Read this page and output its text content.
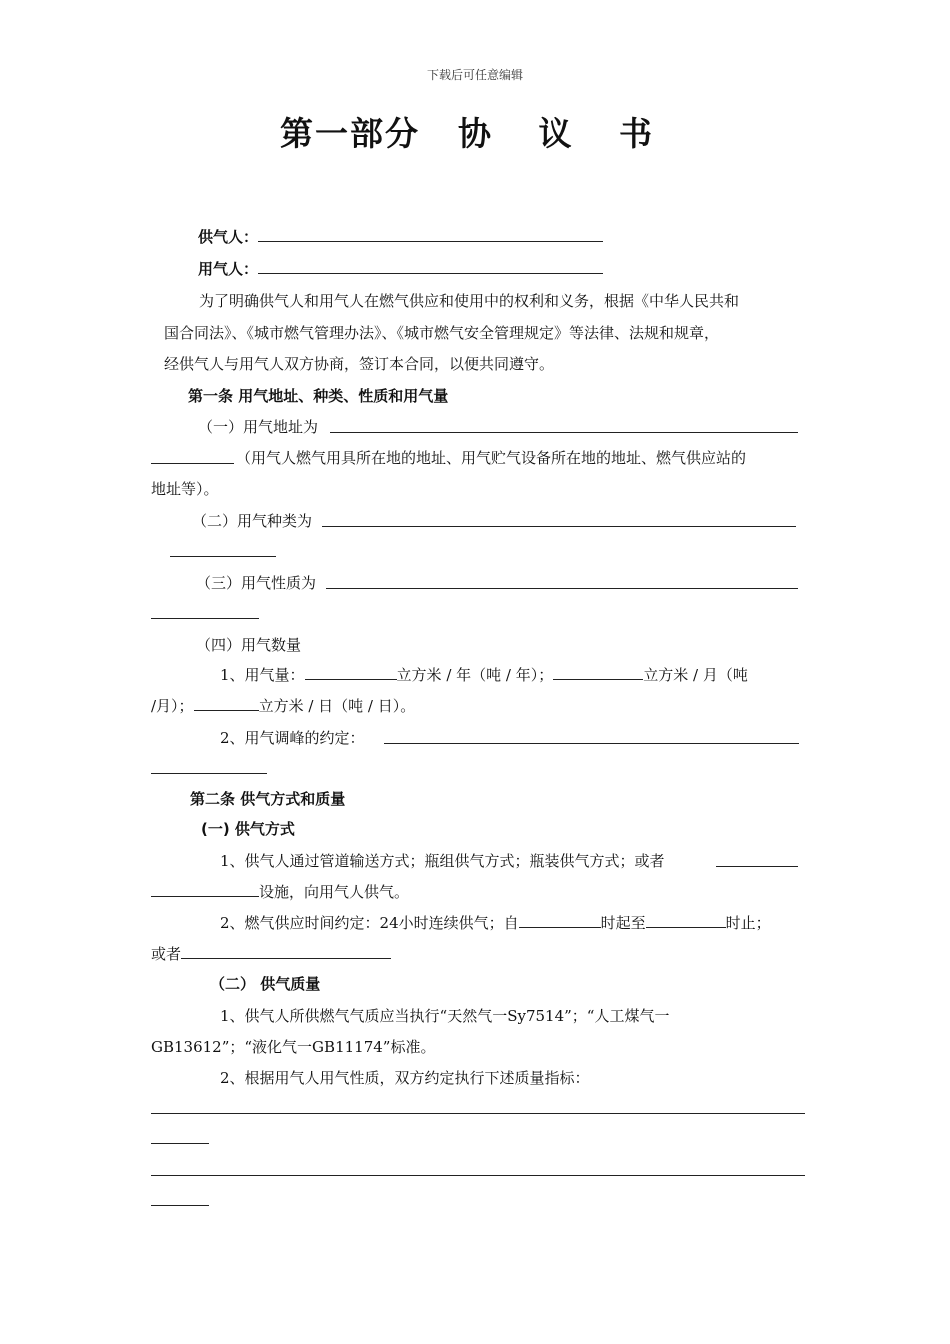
下载后可任意编辑
第一部分 协 议 书
供气人：
用气人：
为了明确供气人和用气人在燃气供应和使用中的权利和义务，根据《中华人民共和
国合同法》、《城市燃气管理办法》、《城市燃气安全管理规定》等法律、法规和规章，
经供气人与用气人双方协商，签订本合同，以便共同遵守。
第一条 用气地址、种类、性质和用气量
（一）用气地址为
（用气人燃气用具所在地的地址、用气贮气设备所在地的地址、燃气供应站的
地址等）。
（二）用气种类为
（三）用气性质为
（四）用气数量
1、用气量：	立方米 / 年（吨 / 年）；	立方米 / 月（吨
/月）；	立方米 / 日（吨 / 日）。
2、用气调峰的约定：
第二条 供气方式和质量
(一) 供气方式
1、供气人通过管道输送方式；瓶组供气方式；瓶装供气方式；或者
设施，向用气人供气。
2、燃气供应时间约定：24小时连续供气；自	时起至	时止；
或者
（二） 供气质量
1、供气人所供燃气气质应当执行“天然气一Sy7514”；“人工煤气一
GB13612”；“液化气一GB11174”标准。
2、根据用气人用气性质，双方约定执行下述质量指标：
